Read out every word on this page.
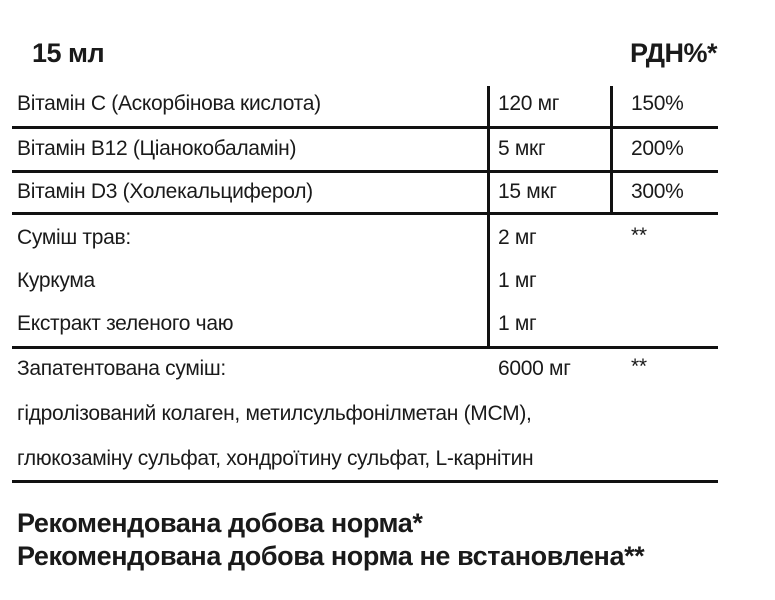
15 мл	РДН%*
Вітамін С (Аскорбінова кислота)	120 мг	150%
Вітамін В12 (Ціанокобаламін)	5 мкг	200%
Вітамін D3 (Холекальциферол)	15 мкг	300%
Суміш трав:	2 мг	**
Куркума	1 мг
Екстракт зеленого чаю	1 мг
Запатентована суміш:	6000 мг	**
гідролізований колаген, метилсульфонілметан (МСМ),
глюкозаміну сульфат, хондроїтину сульфат, L-карнітин
Рекомендована добова норма*
Рекомендована добова норма не встановлена**
